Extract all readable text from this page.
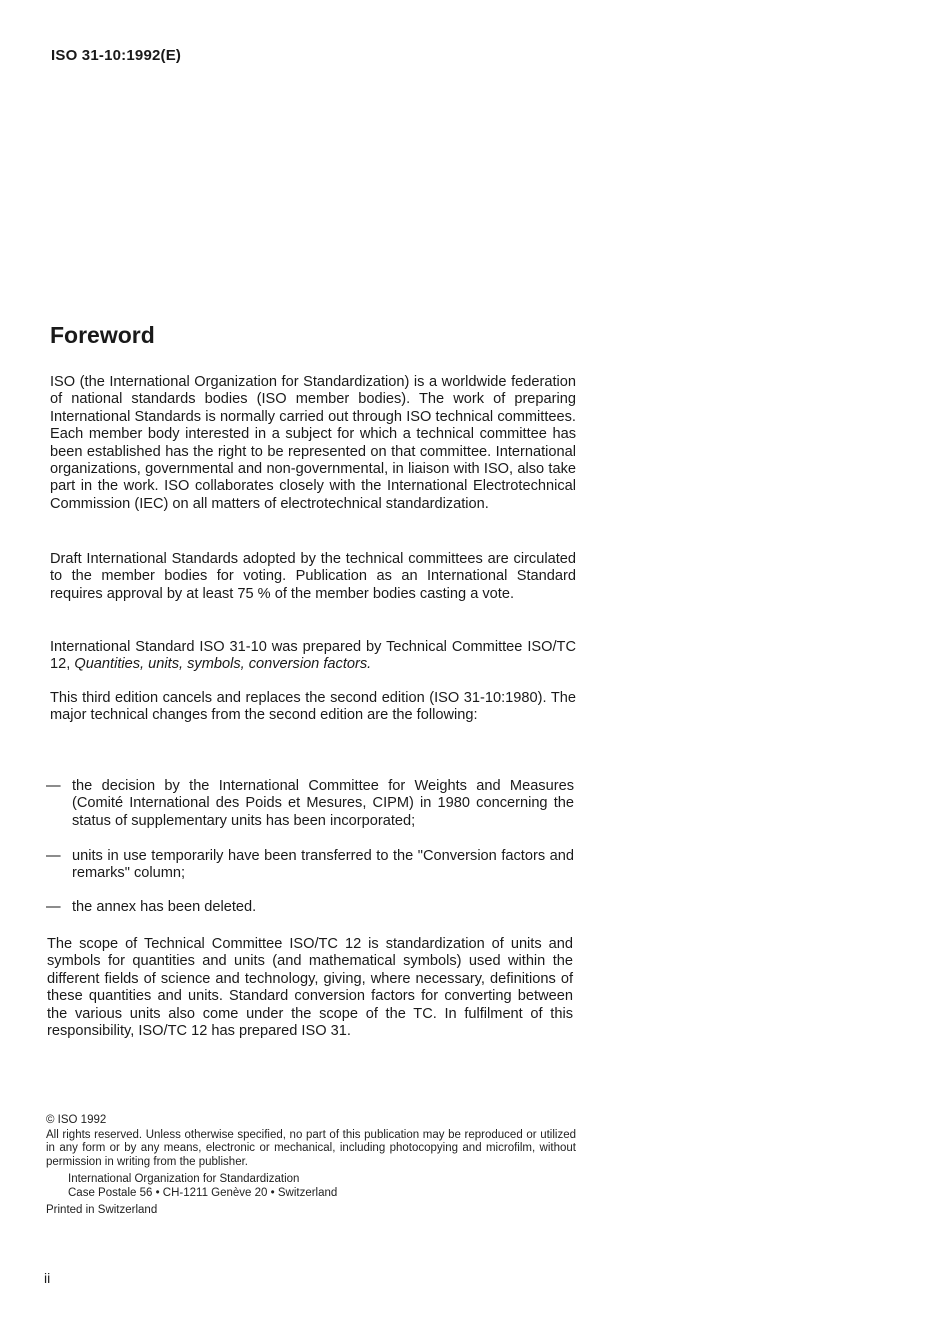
ISO 31-10:1992(E)
Foreword

ISO (the International Organization for Standardization) is a worldwide federation of national standards bodies (ISO member bodies). The work of preparing International Standards is normally carried out through ISO technical committees. Each member body interested in a subject for which a technical committee has been established has the right to be represented on that committee. International organizations, governmental and non-governmental, in liaison with ISO, also take part in the work. ISO collaborates closely with the International Electrotechnical Commission (IEC) on all matters of electrotechnical standardization.

Draft International Standards adopted by the technical committees are circulated to the member bodies for voting. Publication as an International Standard requires approval by at least 75 % of the member bodies casting a vote.

International Standard ISO 31-10 was prepared by Technical Committee ISO/TC 12, Quantities, units, symbols, conversion factors.

This third edition cancels and replaces the second edition (ISO 31-10:1980). The major technical changes from the second edition are the following:

— the decision by the International Committee for Weights and Measures (Comité International des Poids et Mesures, CIPM) in 1980 concerning the status of supplementary units has been incorporated;
— units in use temporarily have been transferred to the "Conversion factors and remarks" column;
— the annex has been deleted.

The scope of Technical Committee ISO/TC 12 is standardization of units and symbols for quantities and units (and mathematical symbols) used within the different fields of science and technology, giving, where necessary, definitions of these quantities and units. Standard conversion factors for converting between the various units also come under the scope of the TC. In fulfilment of this responsibility, ISO/TC 12 has prepared ISO 31.

© ISO 1992
All rights reserved. Unless otherwise specified, no part of this publication may be reproduced or utilized in any form or by any means, electronic or mechanical, including photocopying and microfilm, without permission in writing from the publisher.
International Organization for Standardization
Case Postale 56 • CH-1211 Genève 20 • Switzerland
Printed in Switzerland
ii
